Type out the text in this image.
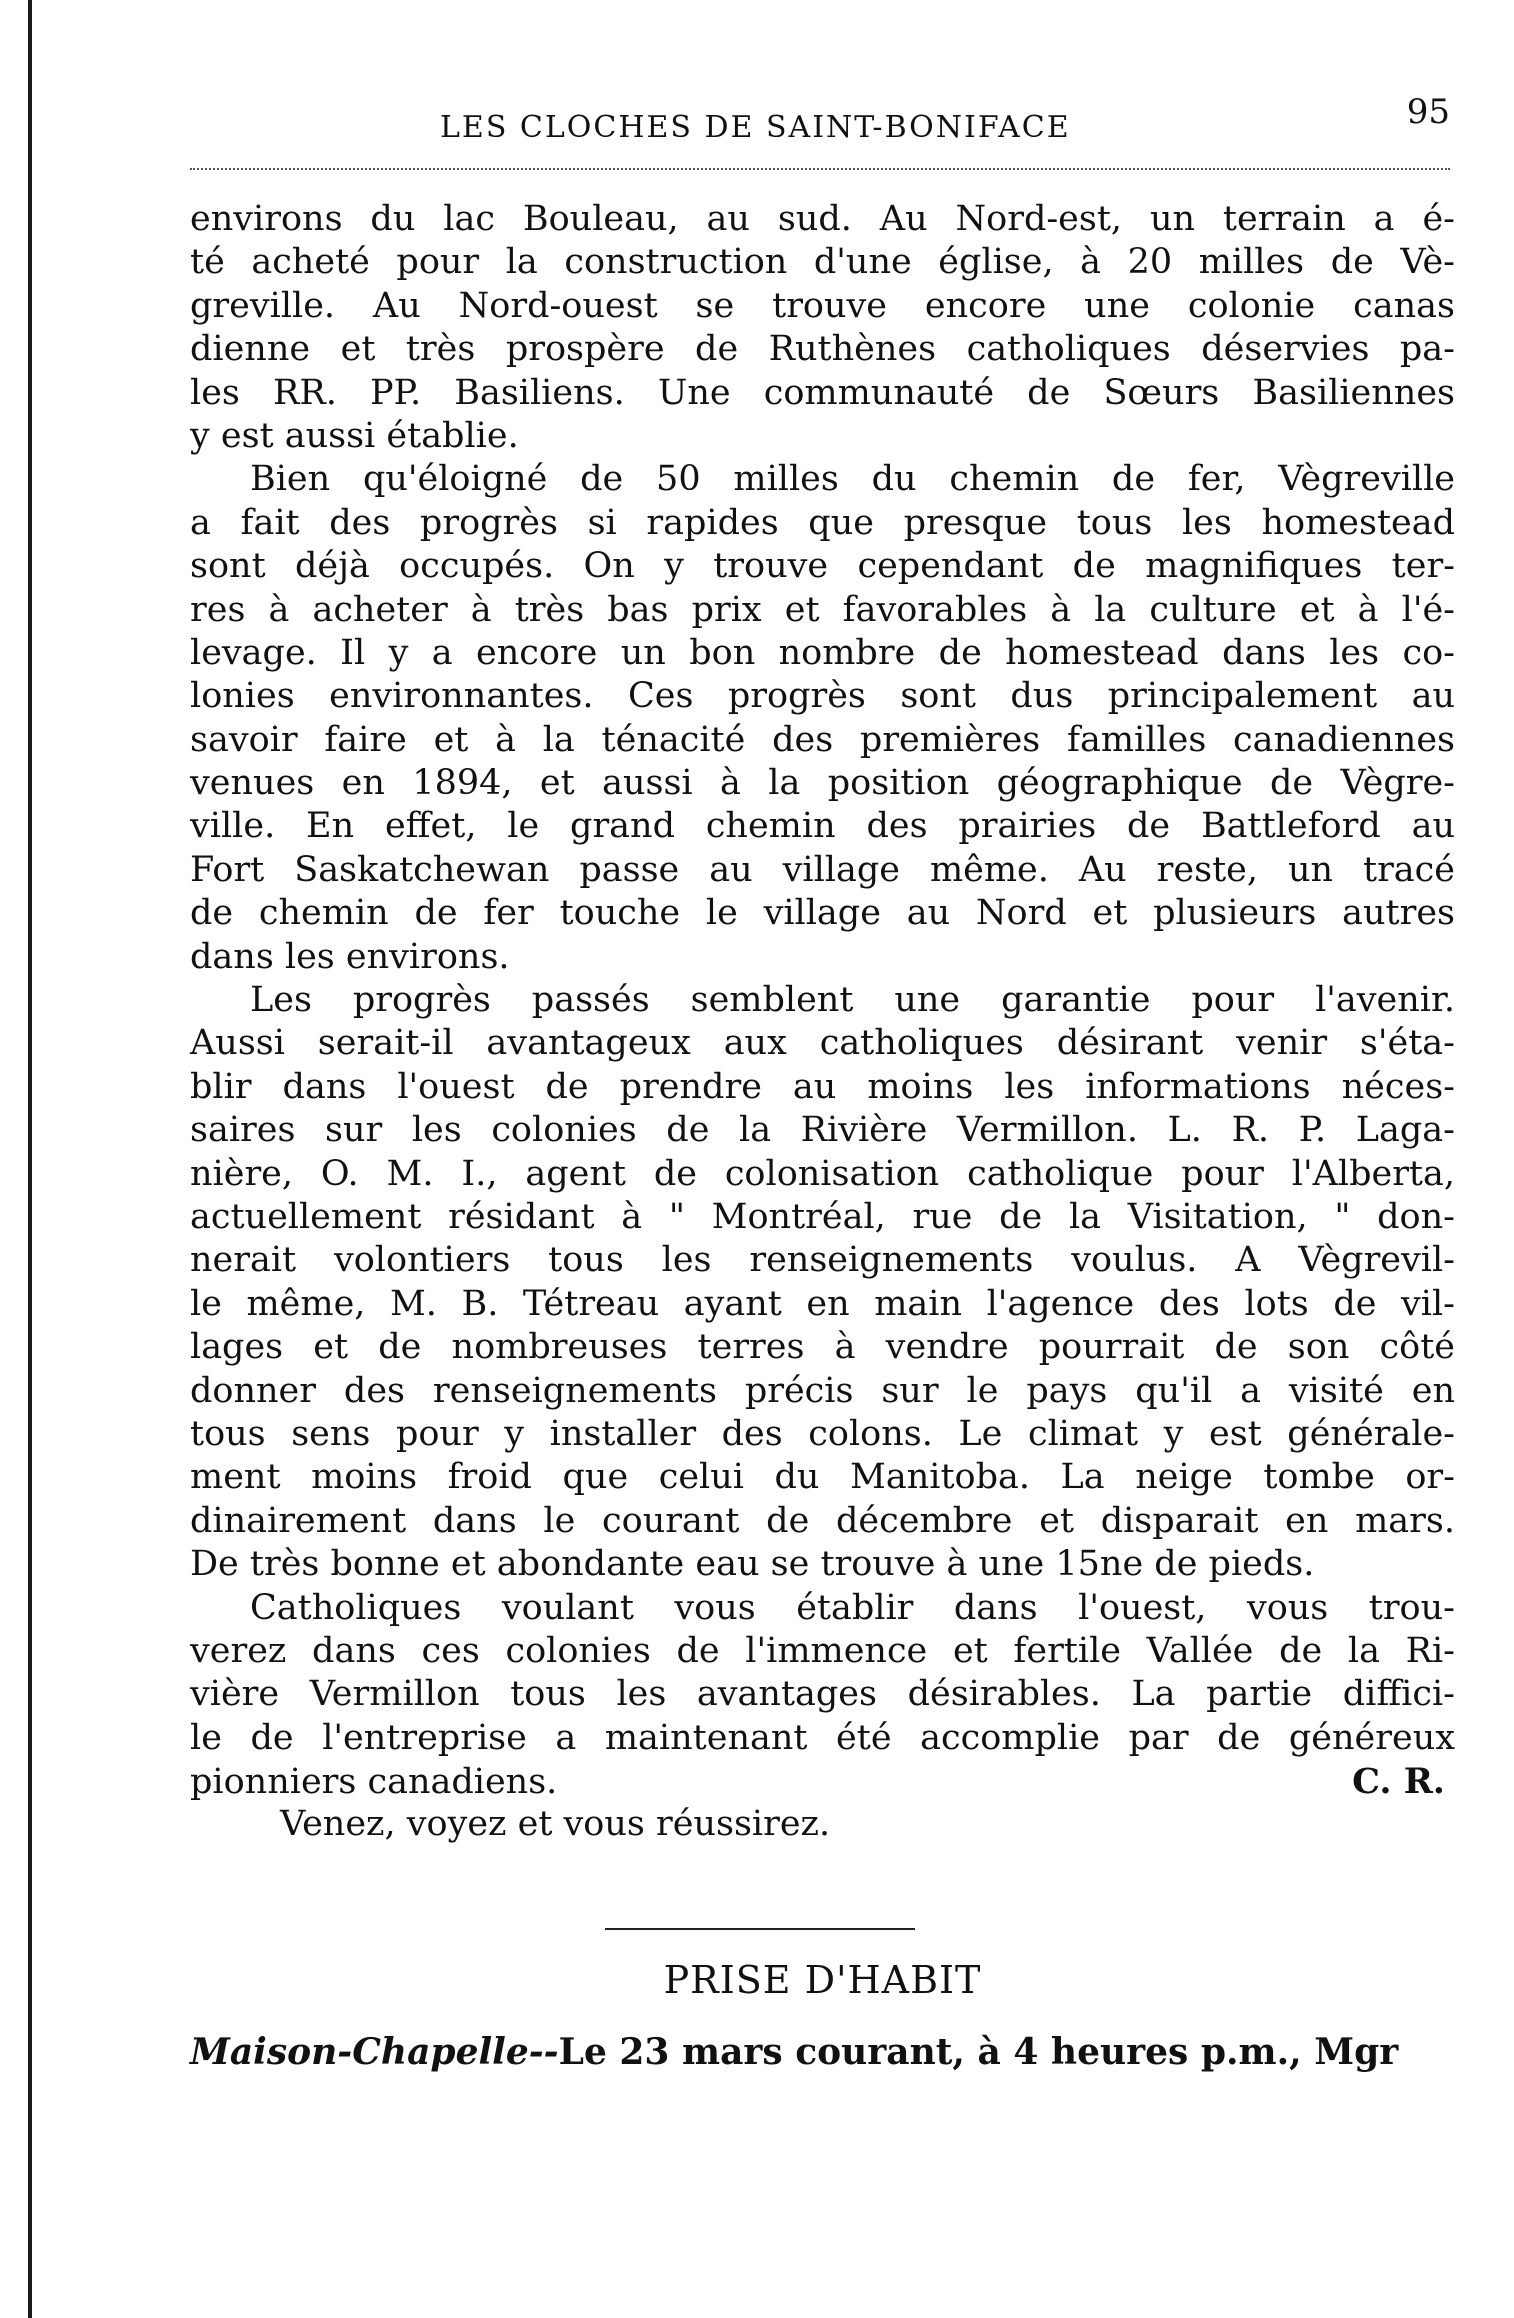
LES CLOCHES DE SAINT-BONIFACE	95
environs du lac Bouleau, au sud. Au Nord-est, un terrain a é-
té acheté pour la construction d'une église, à 20 milles de Vè-
greville. Au Nord-ouest se trouve encore une colonie canas
dienne et très prospère de Ruthènes catholiques déservies pa-
les RR. PP. Basiliens. Une communauté de Sœurs Basiliennes
y est aussi établie.
Bien qu'éloigné de 50 milles du chemin de fer, Vègreville
a fait des progrès si rapides que presque tous les homestead
sont déjà occupés. On y trouve cependant de magnifiques ter-
res à acheter à très bas prix et favorables à la culture et à l'é-
levage. Il y a encore un bon nombre de homestead dans les co-
lonies environnantes. Ces progrès sont dus principalement au
savoir faire et à la ténacité des premières familles canadiennes
venues en 1894, et aussi à la position géographique de Vègre-
ville. En effet, le grand chemin des prairies de Battleford au
Fort Saskatchewan passe au village même. Au reste, un tracé
de chemin de fer touche le village au Nord et plusieurs autres
dans les environs.
Les progrès passés semblent une garantie pour l'avenir.
Aussi serait-il avantageux aux catholiques désirant venir s'éta-
blir dans l'ouest de prendre au moins les informations néces-
saires sur les colonies de la Rivière Vermillon. L. R. P. Laga-
nière, O. M. I., agent de colonisation catholique pour l'Alberta,
actuellement résidant à " Montréal, rue de la Visitation, " don-
nerait volontiers tous les renseignements voulus. A Vègrevil-
le même, M. B. Tétreau ayant en main l'agence des lots de vil-
lages et de nombreuses terres à vendre pourrait de son côté
donner des renseignements précis sur le pays qu'il a visité en
tous sens pour y installer des colons. Le climat y est générale-
ment moins froid que celui du Manitoba. La neige tombe or-
dinairement dans le courant de décembre et disparait en mars.
De très bonne et abondante eau se trouve à une 15ne de pieds.
Catholiques voulant vous établir dans l'ouest, vous trou-
verez dans ces colonies de l'immence et fertile Vallée de la Ri-
vière Vermillon tous les avantages désirables. La partie diffici-
le de l'entreprise a maintenant été accomplie par de généreux
pionniers canadiens.	C. R.
Venez, voyez et vous réussirez.
PRISE D'HABIT
Maison-Chapelle--Le 23 mars courant, à 4 heures p.m., Mgr
